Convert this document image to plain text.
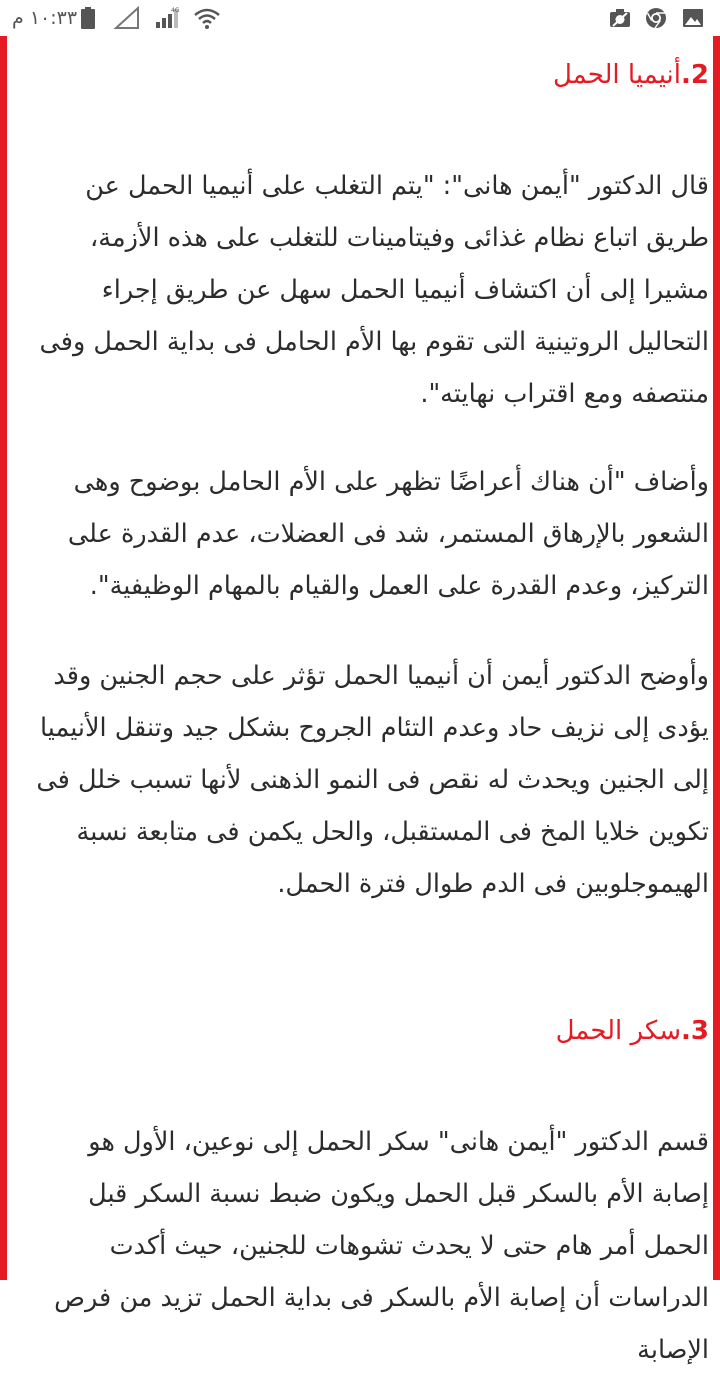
١٠:٣٣ م	4G
2.أنيميا الحمل

قال الدكتور "أيمن هانى": "يتم التغلب على أنيميا الحمل عن طريق اتباع نظام غذائى وفيتامينات للتغلب على هذه الأزمة، مشيرا إلى أن اكتشاف أنيميا الحمل سهل عن طريق إجراء التحاليل الروتينية التى تقوم بها الأم الحامل فى بداية الحمل وفى منتصفه ومع اقتراب نهايته".

وأضاف "أن هناك أعراضًا تظهر على الأم الحامل بوضوح وهى الشعور بالإرهاق المستمر، شد فى العضلات، عدم القدرة على التركيز، وعدم القدرة على العمل والقيام بالمهام الوظيفية".

وأوضح الدكتور أيمن أن أنيميا الحمل تؤثر على حجم الجنين وقد يؤدى إلى نزيف حاد وعدم التئام الجروح بشكل جيد وتنقل الأنيميا إلى الجنين ويحدث له نقص فى النمو الذهنى لأنها تسبب خلل فى تكوين خلايا المخ فى المستقبل، والحل يكمن فى متابعة نسبة الهيموجلوبين فى الدم طوال فترة الحمل.

3.سكر الحمل

قسم الدكتور "أيمن هانى" سكر الحمل إلى نوعين، الأول هو إصابة الأم بالسكر قبل الحمل ويكون ضبط نسبة السكر قبل الحمل أمر هام حتى لا يحدث تشوهات للجنين، حيث أكدت الدراسات أن إصابة الأم بالسكر فى بداية الحمل تزيد من فرص الإصابة
